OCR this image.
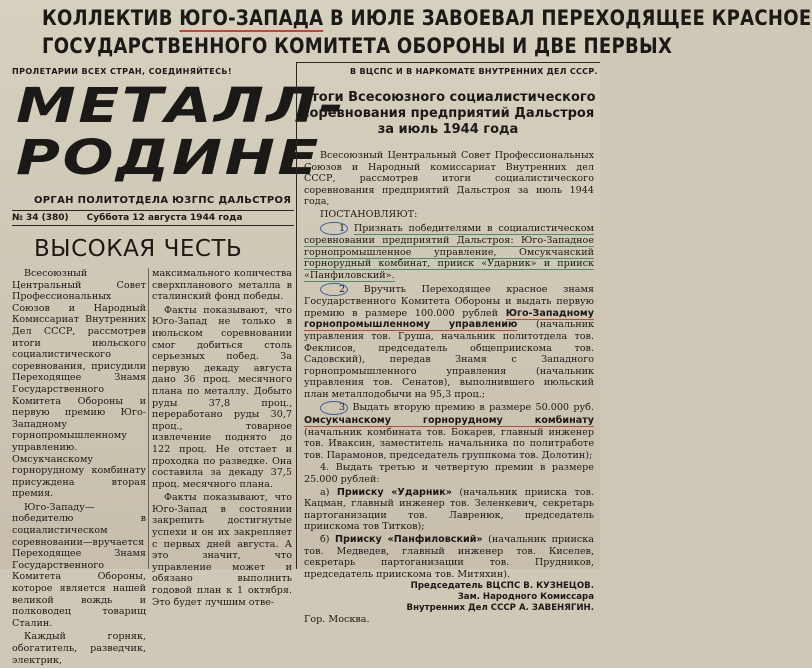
КОЛЛЕКТИВ ЮГО-ЗАПАДА В ИЮЛЕ ЗАВОЕВАЛ ПЕРЕХОДЯЩЕЕ КРАСНОЕ
ГОСУДАРСТВЕННОГО КОМИТЕТА ОБОРОНЫ И ДВЕ ПЕРВЫХ
ПРОЛЕТАРИИ ВСЕХ СТРАН, СОЕДИНЯЙТЕСЬ!	В ВЦСПС И В НАРКОМАТЕ ВНУТРЕННИХ ДЕЛ СССР.
МЕТАЛЛ-
РОДИНЕ
ОРГАН ПОЛИТОТДЕЛА ЮЗГПС ДАЛЬСТРОЯ
№ 34 (380) Суббота 12 августа 1944 года
ВЫСОКАЯ ЧЕСТЬ

Всесоюзный Центральный Совет Профессиональных Союзов и Народный Комиссариат Внутренних Дел СССР, рассмотрев итоги июльского социалистического соревнования, присудили Переходящее Знамя Государственного Комитета Обороны и первую премию Юго-Западному горнопромышленному управлению. Омсукчанскому горнорудному комбинату присуждена вторая премия.

Юго-Западу—победителю в социалистическом соревновании—вручается Переходящее Знамя Государственного Комитета Обороны, которое является нашей великой вождь и полководец товарищ Сталин.

Каждый горняк, обогатитель, разведчик, электрик,

максимального количества сверхпланового металла в сталинский фонд победы.

Факты показывают, что Юго-Запад не только в июльском соревновании смог добиться столь серьезных побед. За первую декаду августа дано 36 проц. месячного плана по металлу. Добыто руды 37,8 проц., переработано руды 30,7 проц., товарное извлечение поднято до 122 проц. Не отстает и проходка по разведке. Она составила за декаду 37,5 проц. месячного плана.

Факты показывают, что Юго-Запад в состоянии закрепить достигнутые успехи и он их закрепляет с первых дней августа. А это значит, что управление может и обязано выполнить годовой план к 1 октября. Это будет лучшим отве-

Итоги Всесоюзного социалистического соревнования предприятий Дальстроя за июль 1944 года

Всесоюзный Центральный Совет Профессиональных Союзов и Народный комиссариат Внутренних дел СССР, рассмотрев итоги социалистического соревнования предприятий Дальстроя за июль 1944 года,

ПОСТАНОВЛЯЮТ:

1 Признать победителями в социалистическом соревновании предприятий Дальстроя: Юго-Западное горнопромышленное управление, Омсукчанский горнорудный комбинат, прииск «Ударник» и прииск «Панфиловский».

2 Вручить Переходящее красное знамя Государственного Комитета Обороны и выдать первую премию в размере 100.000 рублей Юго-Западному горнопромышленному управлению (начальник управления тов. Груша, начальник политотдела тов. Феклисов, председатель общеприискома тов. Садовский), передав Знамя с Западного горнопромышленного управления (начальник управления тов. Сенатов), выполнившего июльский план металлодобычи на 95,3 проц.;

3 Выдать вторую премию в размере 50.000 руб. Омсукчанскому горнорудному комбинату (начальник комбината тов. Бокарев, главный инженер тов. Иваксин, заместитель начальника по политработе тов. Парамонов, председатель группкома тов. Долотин);

4. Выдать третью и четвертую премии в размере 25.000 рублей:

а) Прииску «Ударник» (начальник прииска тов. Кацман, главный инженер тов. Зеленкевич, секретарь партоганизации тов. Лавренюк, председатель приискома тов Титков);

б) Прииску «Панфиловский» (начальник прииска тов. Медведев, главный инженер тов. Киселев, секретарь партоганизации тов. Прудников, председатель приискома тов. Митяхин).

Председатель ВЦСПС В. КУЗНЕЦОВ.
Зам. Народного Комиссара
Внутренних Дел СССР А. ЗАВЕНЯГИН.

Гор. Москва.
